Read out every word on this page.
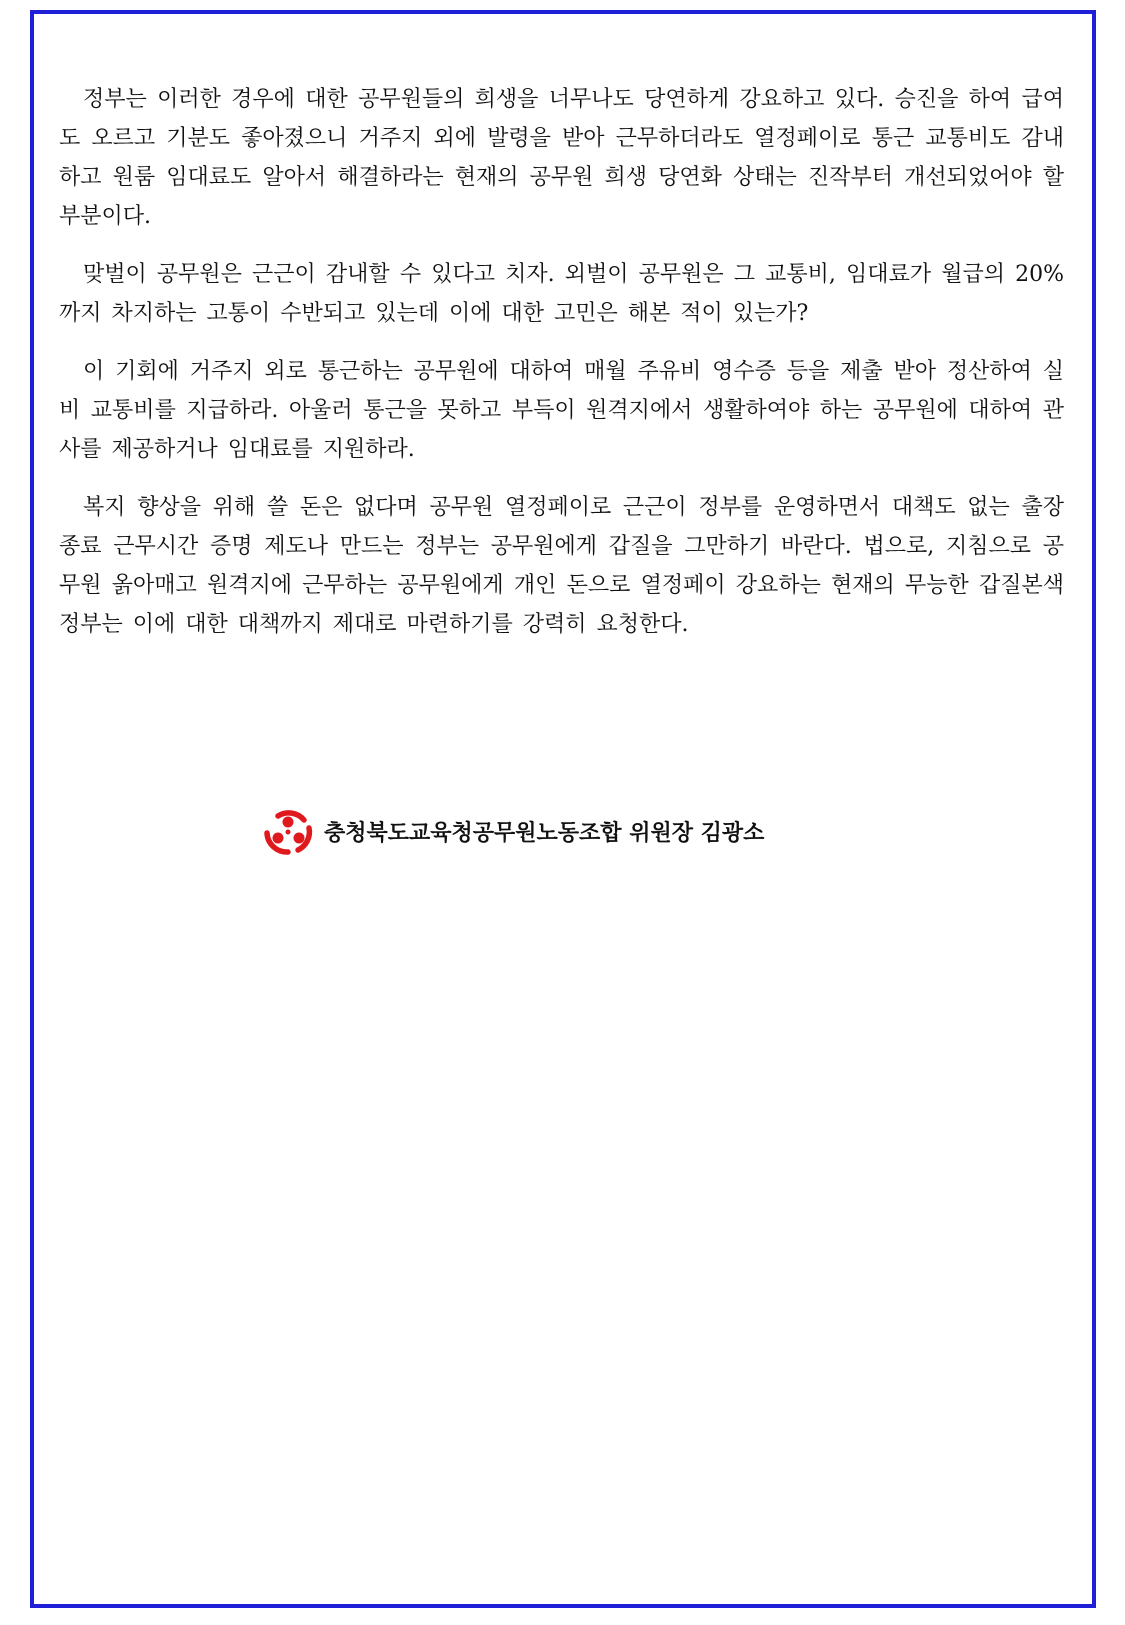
정부는 이러한 경우에 대한 공무원들의 희생을 너무나도 당연하게 강요하고 있다. 승진을 하여 급여도 오르고 기분도 좋아졌으니 거주지 외에 발령을 받아 근무하더라도 열정페이로 통근 교통비도 감내하고 원룸 임대료도 알아서 해결하라는 현재의 공무원 희생 당연화 상태는 진작부터 개선되었어야 할 부분이다.

맞벌이 공무원은 근근이 감내할 수 있다고 치자. 외벌이 공무원은 그 교통비, 임대료가 월급의 20%까지 차지하는 고통이 수반되고 있는데 이에 대한 고민은 해본 적이 있는가?

이 기회에 거주지 외로 통근하는 공무원에 대하여 매월 주유비 영수증 등을 제출 받아 정산하여 실비 교통비를 지급하라. 아울러 통근을 못하고 부득이 원격지에서 생활하여야 하는 공무원에 대하여 관사를 제공하거나 임대료를 지원하라.

복지 향상을 위해 쓸 돈은 없다며 공무원 열정페이로 근근이 정부를 운영하면서 대책도 없는 출장 종료 근무시간 증명 제도나 만드는 정부는 공무원에게 갑질을 그만하기 바란다. 법으로, 지침으로 공무원 옭아매고 원격지에 근무하는 공무원에게 개인 돈으로 열정페이 강요하는 현재의 무능한 갑질본색 정부는 이에 대한 대책까지 제대로 마련하기를 강력히 요청한다.

충청북도교육청공무원노동조합 위원장 김광소
